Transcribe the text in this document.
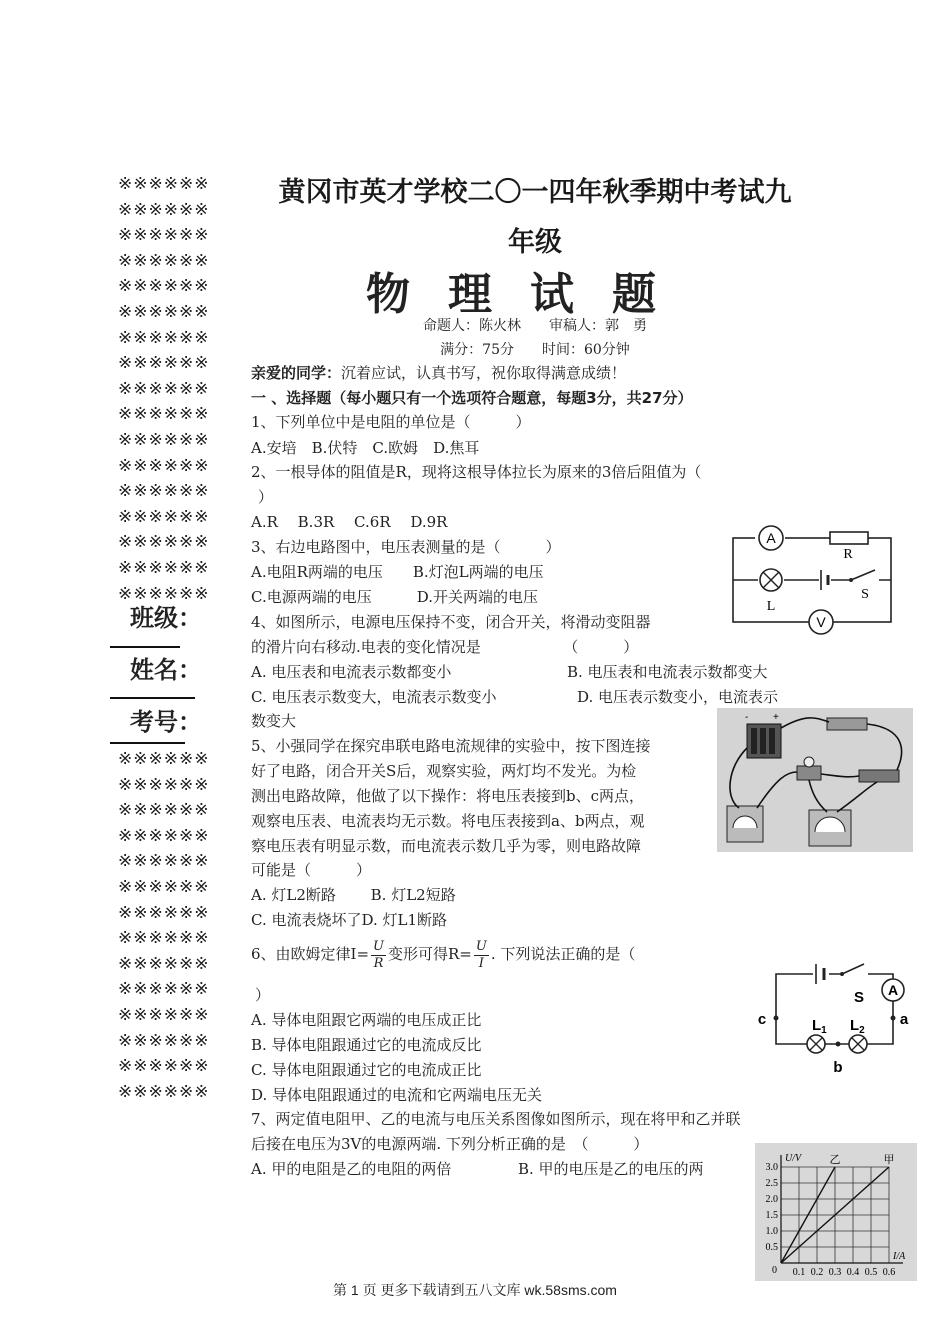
※※※※※※
※※※※※※
※※※※※※
※※※※※※
※※※※※※
※※※※※※
※※※※※※
※※※※※※
※※※※※※
※※※※※※
※※※※※※
※※※※※※
※※※※※※
※※※※※※
※※※※※※
※※※※※※
※※※※※※
班级：
姓名：
考号：
※※※※※※
※※※※※※
※※※※※※
※※※※※※
※※※※※※
※※※※※※
※※※※※※
※※※※※※
※※※※※※
※※※※※※
※※※※※※
※※※※※※
※※※※※※
※※※※※※
黄冈市英才学校二〇一四年秋季期中考试九
年级
物理试题
命题人：陈火林　　审稿人：郭　勇
满分：75分　　时间：60分钟
亲爱的同学：沉着应试，认真书写，祝你取得满意成绩！
一 、选择题（每小题只有一个选项符合题意，每题3分，共27分）
1、下列单位中是电阻的单位是（　　　）
A.安培　B.伏特　C.欧姆　D.焦耳
2、一根导体的阻值是R，现将这根导体拉长为原来的3倍后阻值为（
）
A.R　 B.3R　 C.6R　 D.9R
3、右边电路图中，电压表测量的是（　　　）
A.电阻R两端的电压　　B.灯泡L两端的电压
C.电源两端的电压　　　D.开关两端的电压
4、如图所示，电源电压保持不变，闭合开关，将滑动变阻器
的滑片向右移动.电表的变化情况是　　　　　　（　　　）
A. 电压表和电流表示数都变小	B. 电压表和电流表示数都变大
C. 电压表示数变大，电流表示数变小	D. 电压表示数变小，电流表示
数变大
5、小强同学在探究串联电路电流规律的实验中，按下图连接
好了电路，闭合开关S后，观察实验，两灯均不发光。为检
测出电路故障，他做了以下操作：将电压表接到b、c两点，
观察电压表、电流表均无示数。将电压表接到a、b两点，观
察电压表有明显示数，而电流表示数几乎为零，则电路故障
可能是（　　　）
A. 灯L2断路　　 B. 灯L2短路
C. 电流表烧坏了D. 灯L1断路
6、由欧姆定律$I= \frac{U}{R}$ 变形可得$R= \frac{U}{I}$ . 下列说法正确的是（
）
A. 导体电阻跟它两端的电压成正比
B. 导体电阻跟通过它的电流成反比
C. 导体电阻跟通过它的电流成正比
D. 导体电阻跟通过的电流和它两端电压无关
7、两定值电阻甲、乙的电流与电压关系图像如图所示，现在将甲和乙并联
后接在电压为3V的电源两端. 下列分析正确的是　（　　　）
A. 甲的电阻是乙的电阻的两倍	B. 甲的电压是乙的电压的两
A
R
L
S
V
- +
S A
c	a
b
$L_1$ $L_2$
0.1 0.2 0.3 0.4 0.5 0.6
0.5
1.0
1.5
2.0
2.5
3.0
0
I/A
U/V	甲
乙
第 1 页 更多下载请到五八文库 wk.58sms.com
